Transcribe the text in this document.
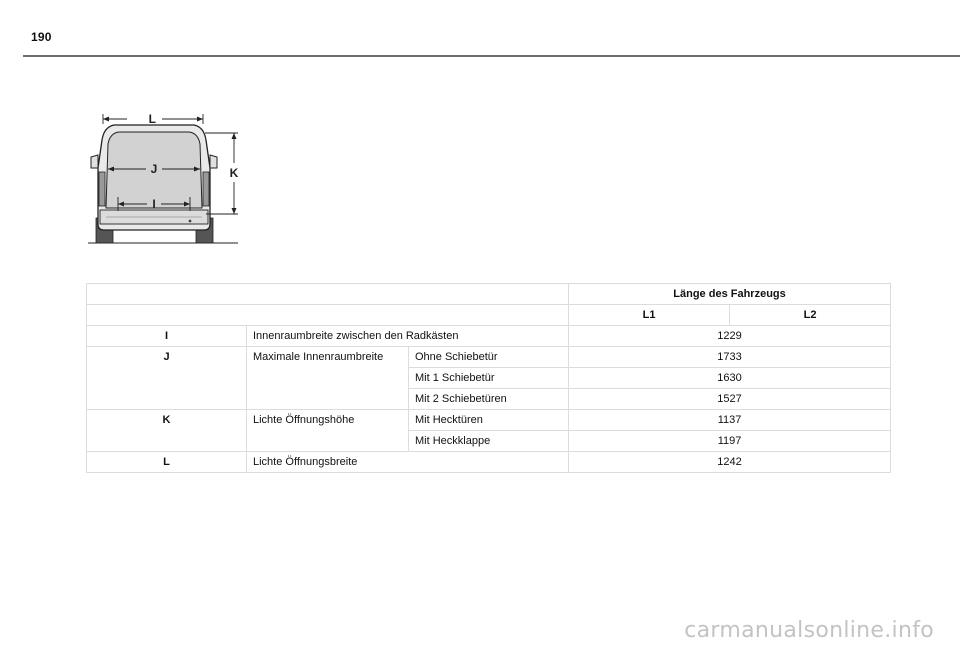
190
L
J
I
K
			Länge des Fahrzeugs	
			L1	L2
I	Innenraumbreite zwischen den Radkästen		1229	
J	Maximale Innenraumbreite	Ohne Schiebetür	1733	
		Mit 1 Schiebetür	1630	
		Mit 2 Schiebetüren	1527	
K	Lichte Öffnungshöhe	Mit Hecktüren	1137	
		Mit Heckklappe	1197	
L	Lichte Öffnungsbreite		1242	
carmanualsonline.info
